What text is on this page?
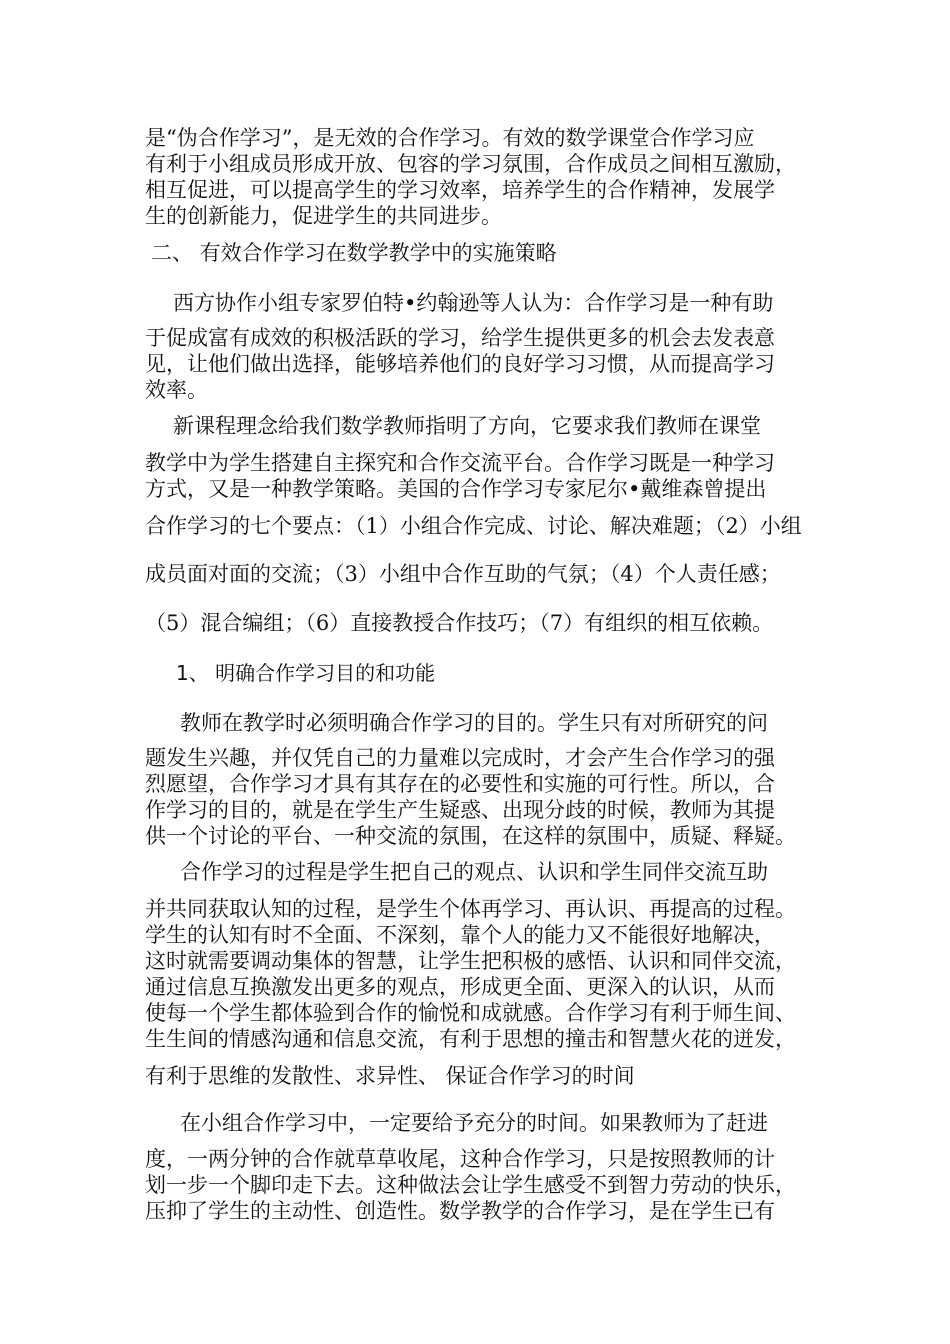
是“伪合作学习”，是无效的合作学习。有效的数学课堂合作学习应
有利于小组成员形成开放、包容的学习氛围，合作成员之间相互激励，
相互促进，可以提高学生的学习效率，培养学生的合作精神，发展学
生的创新能力，促进学生的共同进步。
二、 有效合作学习在数学教学中的实施策略
西方协作小组专家罗伯特•约翰逊等人认为：合作学习是一种有助
于促成富有成效的积极活跃的学习，给学生提供更多的机会去发表意
见，让他们做出选择，能够培养他们的良好学习习惯，从而提高学习
效率。
新课程理念给我们数学教师指明了方向，它要求我们教师在课堂
教学中为学生搭建自主探究和合作交流平台。合作学习既是一种学习
方式，又是一种教学策略。美国的合作学习专家尼尔•戴维森曾提出
合作学习的七个要点：（1）小组合作完成、讨论、解决难题；（2）小组
成员面对面的交流；（3）小组中合作互助的气氛；（4）个人责任感；
（5）混合编组；（6）直接教授合作技巧；（7）有组织的相互依赖。
1、 明确合作学习目的和功能
教师在教学时必须明确合作学习的目的。学生只有对所研究的问
题发生兴趣，并仅凭自己的力量难以完成时，才会产生合作学习的强
烈愿望，合作学习才具有其存在的必要性和实施的可行性。所以，合
作学习的目的，就是在学生产生疑惑、出现分歧的时候，教师为其提
供一个讨论的平台、一种交流的氛围，在这样的氛围中，质疑、释疑。
合作学习的过程是学生把自己的观点、认识和学生同伴交流互助
并共同获取认知的过程，是学生个体再学习、再认识、再提高的过程。
学生的认知有时不全面、不深刻，靠个人的能力又不能很好地解决，
这时就需要调动集体的智慧，让学生把积极的感悟、认识和同伴交流，
通过信息互换激发出更多的观点，形成更全面、更深入的认识，从而
使每一个学生都体验到合作的愉悦和成就感。合作学习有利于师生间、
生生间的情感沟通和信息交流，有利于思想的撞击和智慧火花的迸发，
有利于思维的发散性、求异性、 保证合作学习的时间
在小组合作学习中，一定要给予充分的时间。如果教师为了赶进
度，一两分钟的合作就草草收尾，这种合作学习，只是按照教师的计
划一步一个脚印走下去。这种做法会让学生感受不到智力劳动的快乐，
压抑了学生的主动性、创造性。数学教学的合作学习，是在学生已有
